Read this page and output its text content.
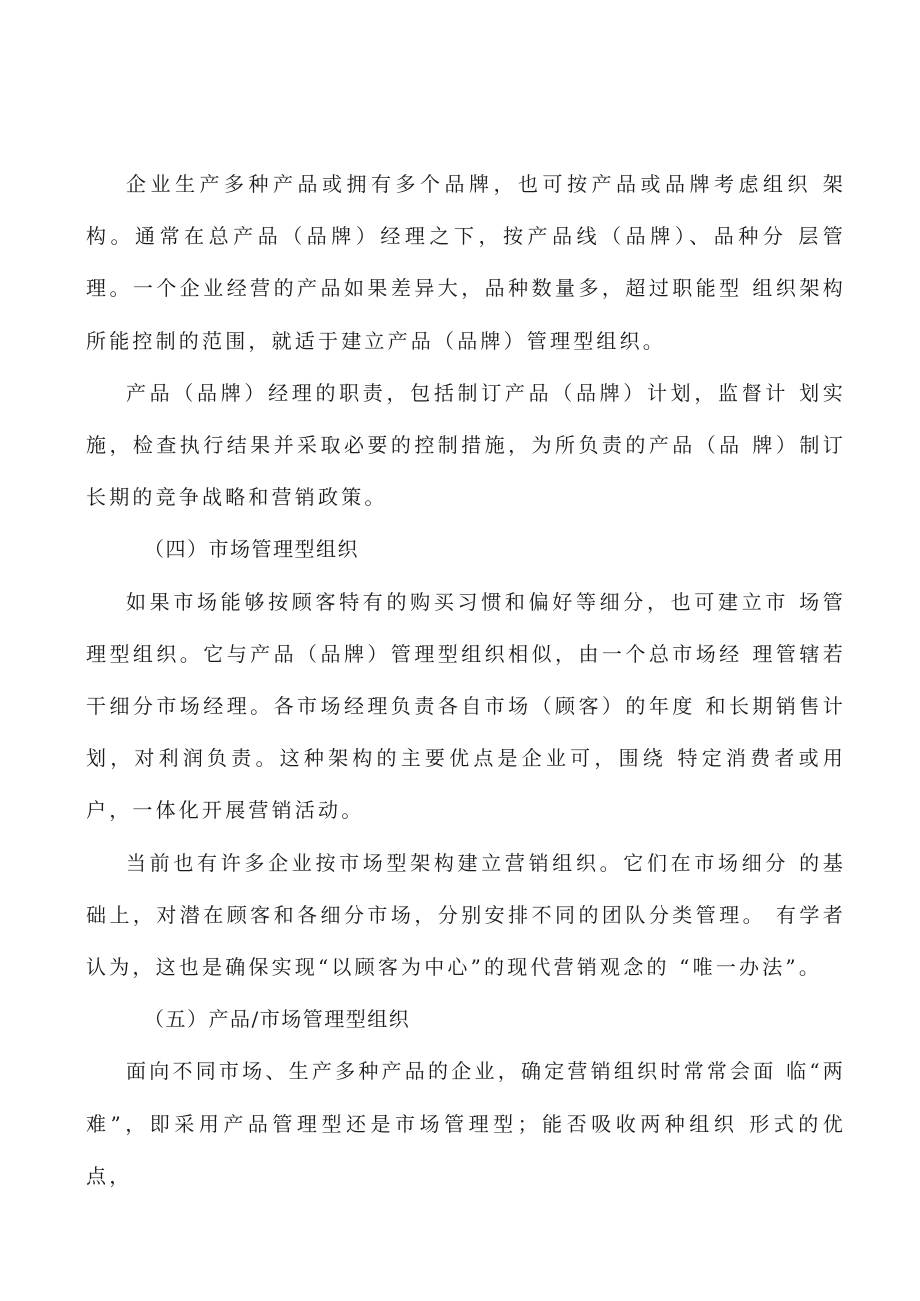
企业生产多种产品或拥有多个品牌，也可按产品或品牌考虑组织 架构。通常在总产品（品牌）经理之下，按产品线（品牌）、品种分 层管理。一个企业经营的产品如果差异大，品种数量多，超过职能型 组织架构所能控制的范围，就适于建立产品（品牌）管理型组织。

产品（品牌）经理的职责，包括制订产品（品牌）计划，监督计 划实施，检查执行结果并采取必要的控制措施，为所负责的产品（品 牌）制订长期的竞争战略和营销政策。

（四）市场管理型组织

如果市场能够按顾客特有的购买习惯和偏好等细分，也可建立市 场管理型组织。它与产品（品牌）管理型组织相似，由一个总市场经 理管辖若干细分市场经理。各市场经理负责各自市场（顾客）的年度 和长期销售计划，对利润负责。这种架构的主要优点是企业可，围绕 特定消费者或用户，一体化开展营销活动。

当前也有许多企业按市场型架构建立营销组织。它们在市场细分 的基础上，对潜在顾客和各细分市场，分别安排不同的团队分类管理。 有学者认为，这也是确保实现“以顾客为中心”的现代营销观念的 “唯一办法”。

（五）产品/市场管理型组织

面向不同市场、生产多种产品的企业，确定营销组织时常常会面 临“两难”，即采用产品管理型还是市场管理型；能否吸收两种组织 形式的优点，
